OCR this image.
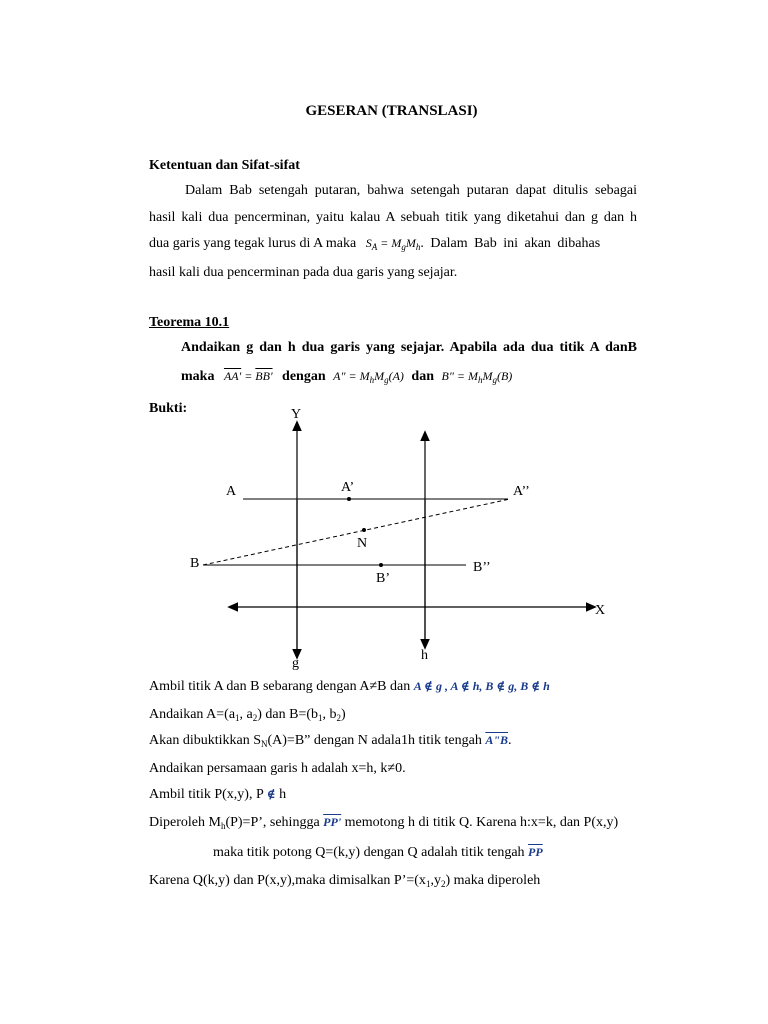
GESERAN (TRANSLASI)
Ketentuan dan Sifat-sifat
Dalam Bab setengah putaran, bahwa setengah putaran dapat ditulis sebagai
hasil kali dua pencerminan, yaitu kalau A sebuah titik yang diketahui dan g dan h
dua garis yang tegak lurus di A maka $S_A = M_gM_h$. Dalam Bab ini akan dibahas
hasil kali dua pencerminan pada dua garis yang sejajar.
Teorema 10.1
Andaikan g dan h dua garis yang sejajar. Apabila ada dua titik A danB
maka AA' = BB' dengan A" = $M_hM_g(A)$ dan B" = $M_hM_g(B)$
Bukti:	Y
X
g
h
A	A’	A’’
N
B
B’
B’’
Ambil titik A dan B sebarang dengan A≠B dan A ∉ g , A ∉ h, B ∉ g, B ∉ h
Andaikan $A=(a_1$, $a_2$) dan $B=(b_1$, $b_2$)
Akan dibuktikkan $S_N(A)=B$” dengan N adala1h titik tengah A"B.
Andaikan persamaan garis h adalah x=h, k≠0.
Ambil titik P(x,y), P ∉ h
Diperoleh $M_h(P)=P$’, sehingga PP' memotong h di titik Q. Karena h:x=k, dan P(x,y)
maka titik potong Q=(k,y) dengan Q adalah titik tengah $\overline{PP}$
Karena Q(k,y) dan P(x,y),maka dimisalkan $P’=(x_1,y_2)$ maka diperoleh
